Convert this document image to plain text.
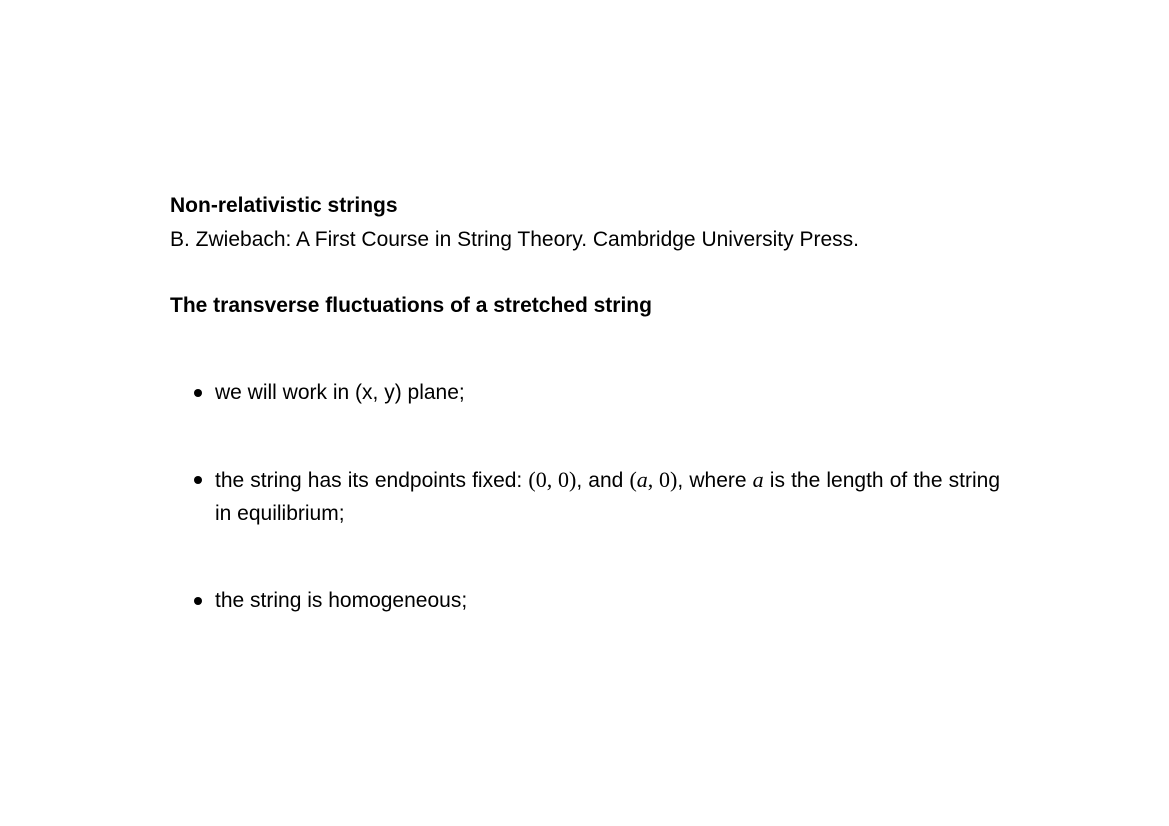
Non-relativistic strings

B. Zwiebach: A First Course in String Theory. Cambridge University Press.

The transverse fluctuations of a stretched string

we will work in (x, y) plane;
the string has its endpoints fixed: (0, 0), and (a, 0), where a is the length of the string in equilibrium;
the string is homogeneous;
